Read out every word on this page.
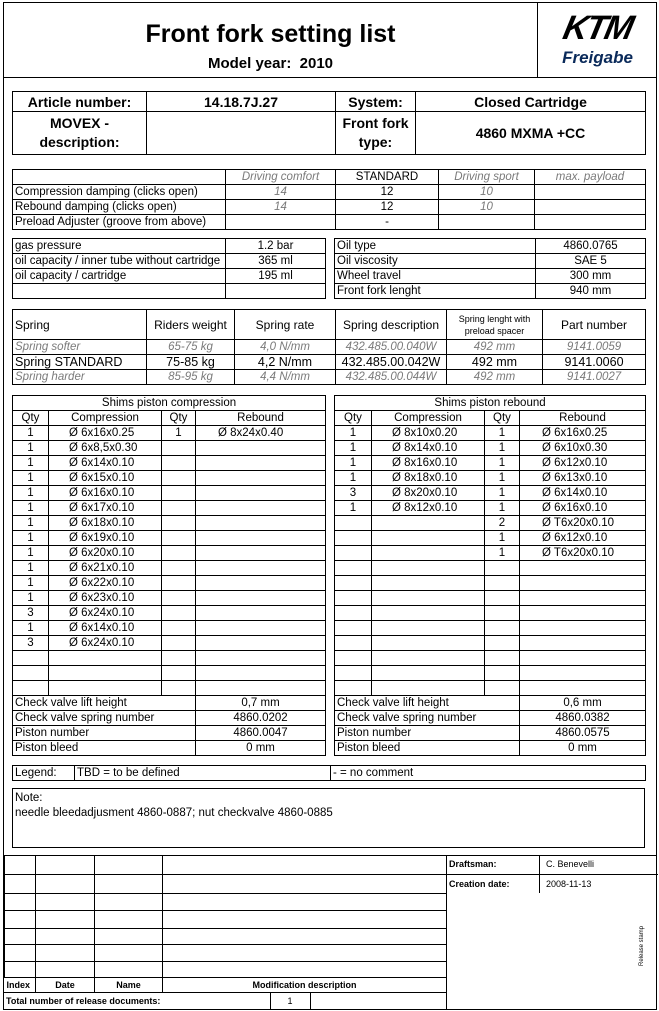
Front fork setting list
Model year: 2010
KTM
Freigabe
Article number:	14.18.7J.27	System:	Closed Cartridge
MOVEX - description:		Front fork type:	4860 MXMA +CC
	Driving comfort	STANDARD	Driving sport	max. payload
Compression damping (clicks open)	14	12	10	
Rebound damping (clicks open)	14	12	10	
Preload Adjuster (groove from above)		-		
gas pressure	1.2 bar
oil capacity / inner tube without cartridge	365 ml
oil capacity / cartridge	195 ml

Oil type	4860.0765
Oil viscosity	SAE 5
Wheel travel	300 mm
Front fork lenght	940 mm
Spring	Riders weight	Spring rate	Spring description	Spring lenght with preload spacer	Part number
Spring softer	65-75 kg	4,0 N/mm	432.485.00.040W	492 mm	9141.0059
Spring STANDARD	75-85 kg	4,2 N/mm	432.485.00.042W	492 mm	9141.0060
Spring harder	85-95 kg	4,4 N/mm	432.485.00.044W	492 mm	9141.0027
Shims piston compression			
Qty	Compression	Qty	Rebound
1	Ø 6x16x0.25	1	Ø 8x24x0.40
1	Ø 6x8,5x0.30		
1	Ø 6x14x0.10		
1	Ø 6x15x0.10		
1	Ø 6x16x0.10		
1	Ø 6x17x0.10		
1	Ø 6x18x0.10		
1	Ø 6x19x0.10		
1	Ø 6x20x0.10		
1	Ø 6x21x0.10		
1	Ø 6x22x0.10		
1	Ø 6x23x0.10		
3	Ø 6x24x0.10		
1	Ø 6x14x0.10		
3	Ø 6x24x0.10		

Check valve lift height			0,7 mm
Check valve spring number			4860.0202
Piston number			4860.0047
Piston bleed			0 mm
Shims piston rebound			
Qty	Compression	Qty	Rebound
1	Ø 8x10x0.20	1	Ø 6x16x0.25
1	Ø 8x14x0.10	1	Ø 6x10x0.30
1	Ø 8x16x0.10	1	Ø 6x12x0.10
1	Ø 8x18x0.10	1	Ø 6x13x0.10
3	Ø 8x20x0.10	1	Ø 6x14x0.10
1	Ø 8x12x0.10	1	Ø 6x16x0.10
		2	Ø T6x20x0.10
		1	Ø 6x12x0.10
		1	Ø T6x20x0.10

Check valve lift height			0,6 mm
Check valve spring number			4860.0382
Piston number			4860.0575
Piston bleed			0 mm
Legend:	TBD = to be defined	- = no comment
Note:
needle bleedadjusment 4860-0887; nut checkvalve 4860-0885

Index	Date	Name	Modification description
Total number of release documents:	1	
Draftsman:	C. Benevelli
Creation date:	2008-11-13
Release stamp
